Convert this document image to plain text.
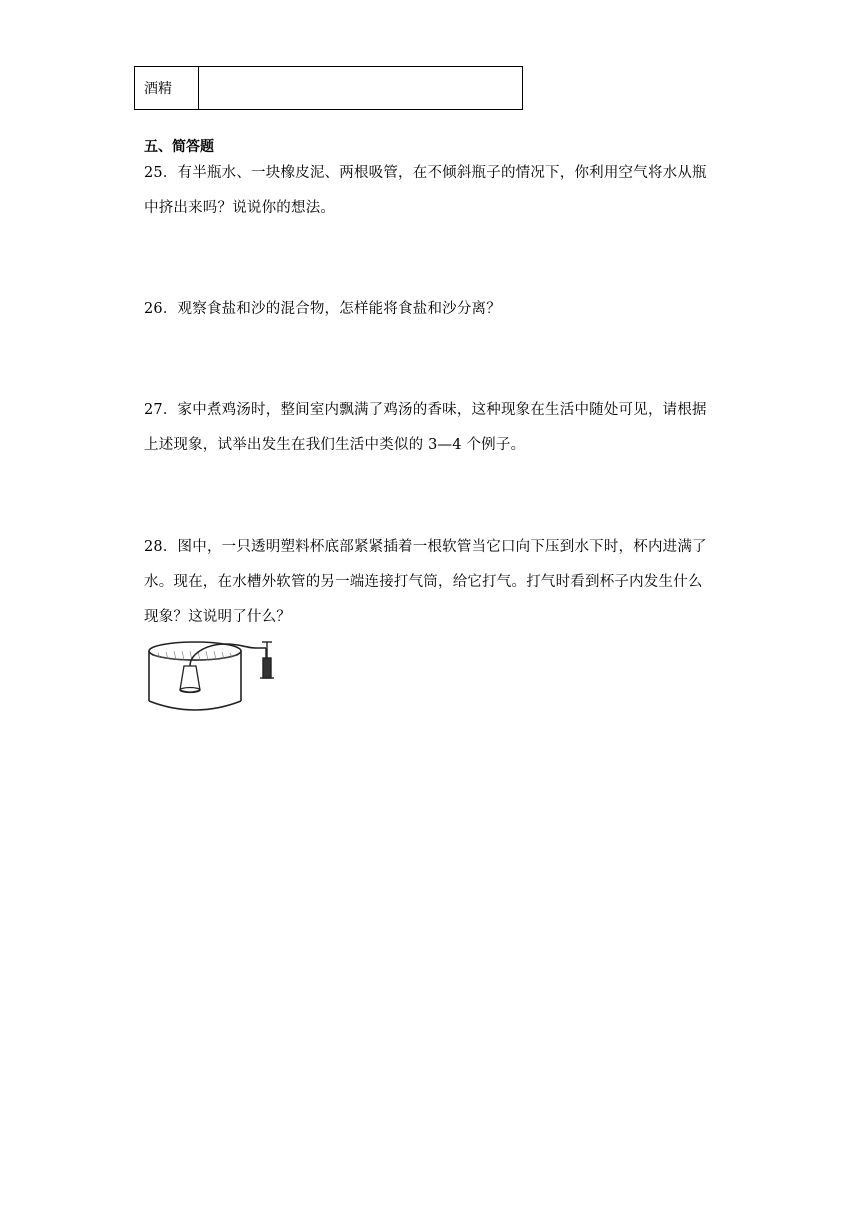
酒精
五、简答题

25．有半瓶水、一块橡皮泥、两根吸管，在不倾斜瓶子的情况下，你利用空气将水从瓶

中挤出来吗？说说你的想法。

26．观察食盐和沙的混合物，怎样能将食盐和沙分离？

27．家中煮鸡汤时，整间室内飘满了鸡汤的香味，这种现象在生活中随处可见，请根据

上述现象，试举出发生在我们生活中类似的 3—4 个例子。

28．图中，一只透明塑料杯底部紧紧插着一根软管当它口向下压到水下时，杯内进满了

水。现在，在水槽外软管的另一端连接打气筒，给它打气。打气时看到杯子内发生什么

现象？这说明了什么？
